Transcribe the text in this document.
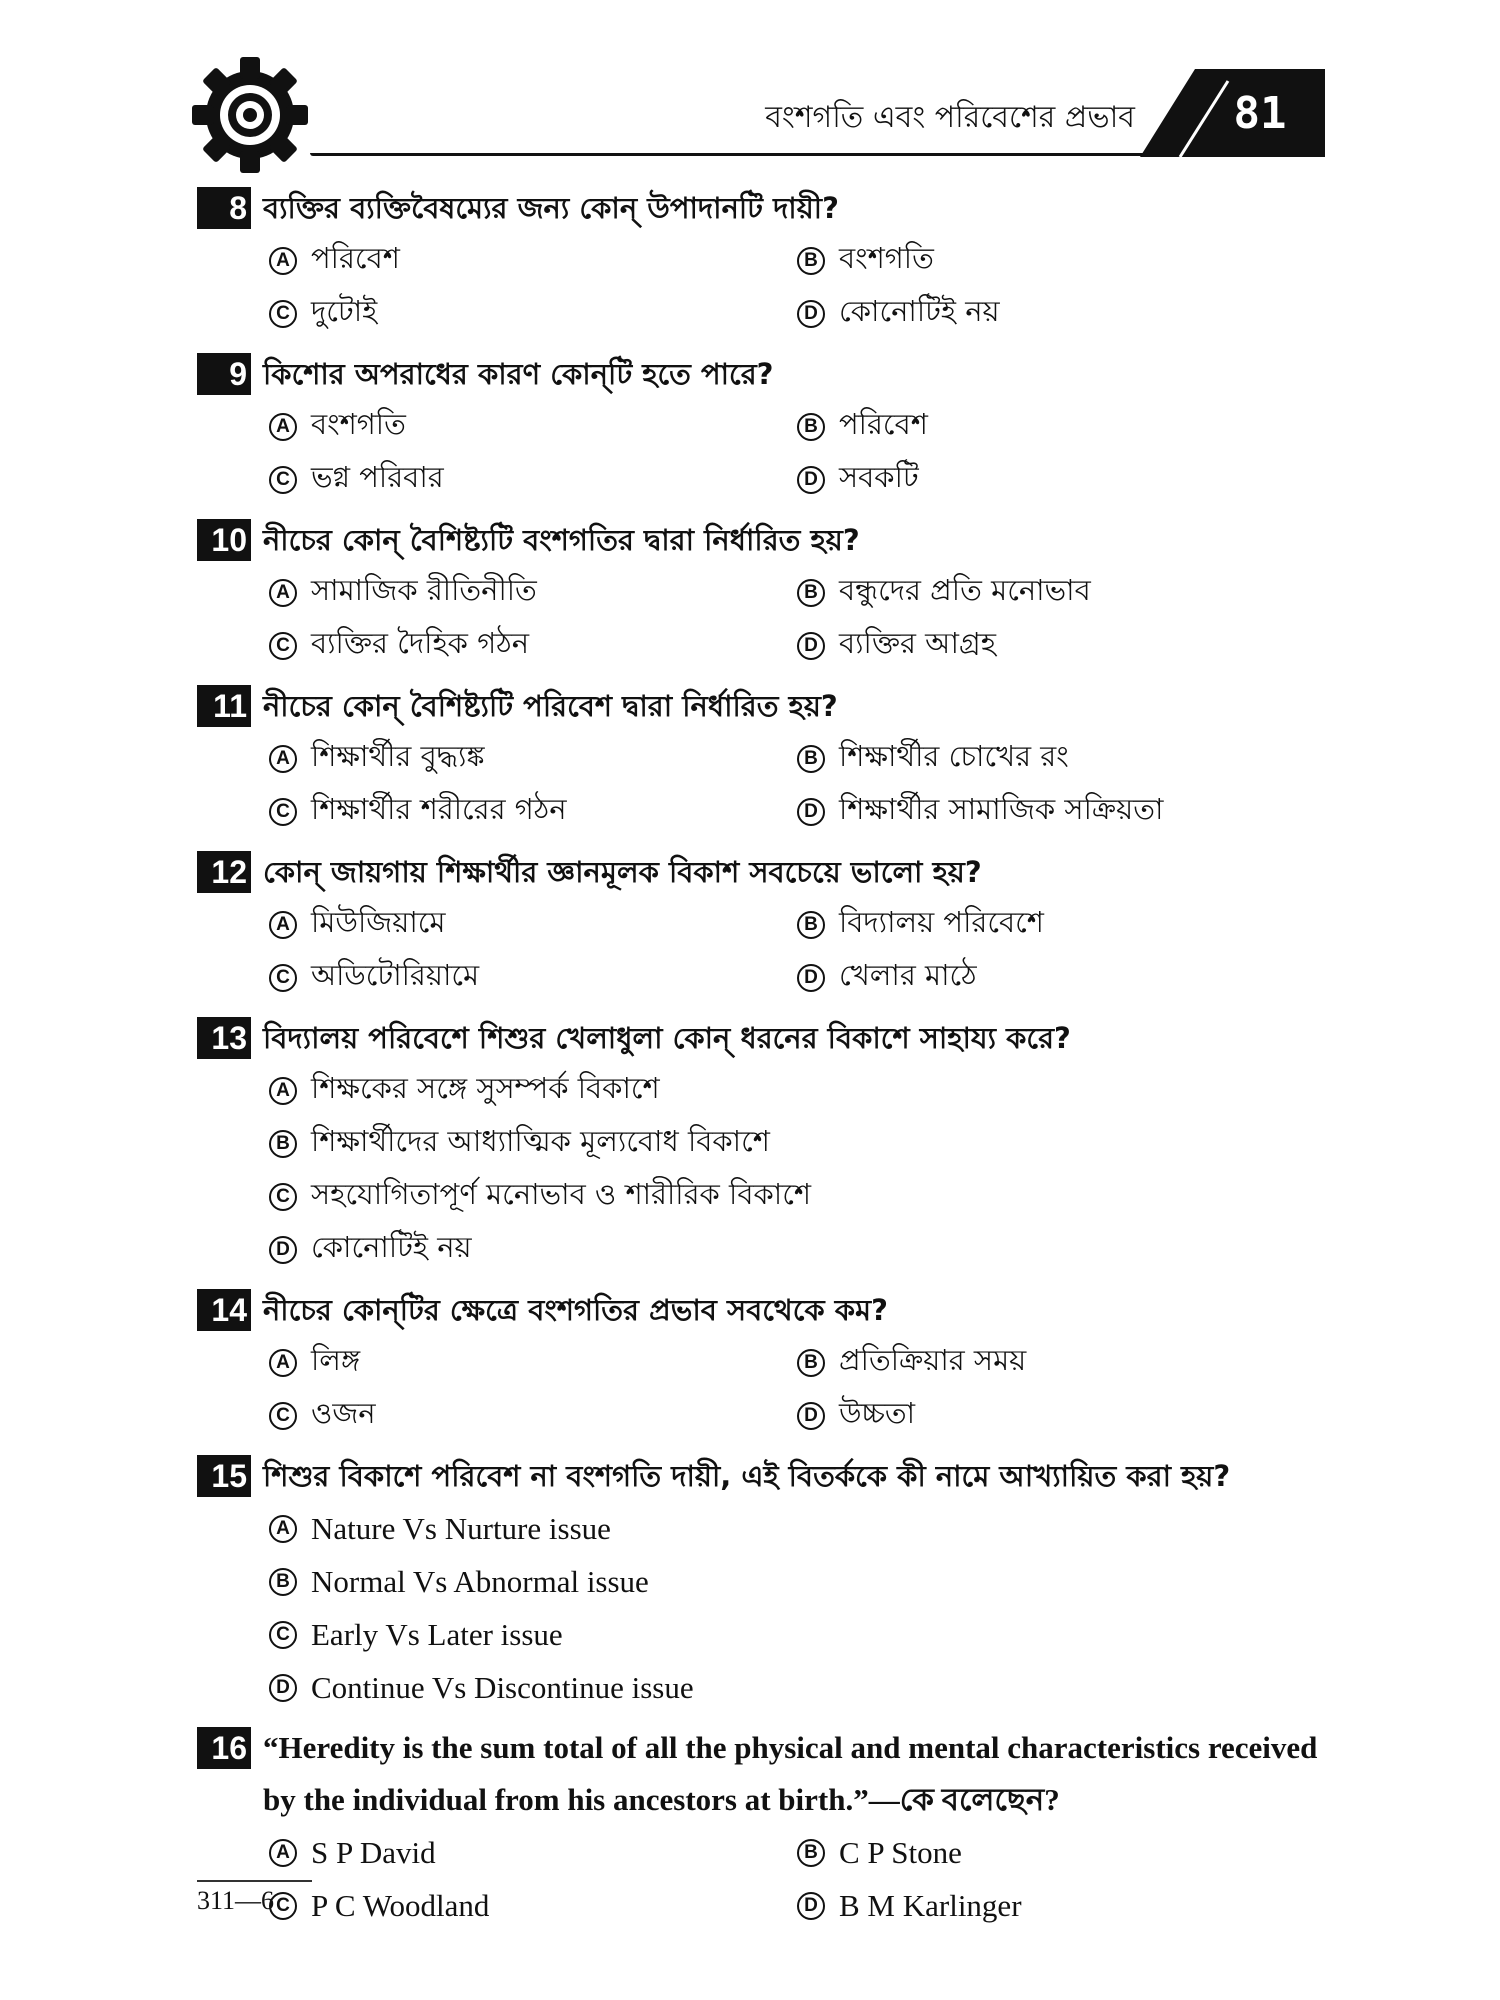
বংশগতি এবং পরিবেশের প্রভাব	81
8 ব্যক্তির ব্যক্তিবৈষম্যের জন্য কোন্‌ উপাদানটি দায়ী?
A পরিবেশ	B বংশগতি
C দুটোই	D কোনোটিই নয়
9 কিশোর অপরাধের কারণ কোন্‌টি হতে পারে?
A বংশগতি	B পরিবেশ
C ভগ্ন পরিবার	D সবকটি
10 নীচের কোন্‌ বৈশিষ্ট্যটি বংশগতির দ্বারা নির্ধারিত হয়?
A সামাজিক রীতিনীতি	B বন্ধুদের প্রতি মনোভাব
C ব্যক্তির দৈহিক গঠন	D ব্যক্তির আগ্রহ
11 নীচের কোন্‌ বৈশিষ্ট্যটি পরিবেশ দ্বারা নির্ধারিত হয়?
A শিক্ষার্থীর বুদ্ধ্যঙ্ক	B শিক্ষার্থীর চোখের রং
C শিক্ষার্থীর শরীরের গঠন	D শিক্ষার্থীর সামাজিক সক্রিয়তা
12 কোন্‌ জায়গায় শিক্ষার্থীর জ্ঞানমূলক বিকাশ সবচেয়ে ভালো হয়?
A মিউজিয়ামে	B বিদ্যালয় পরিবেশে
C অডিটোরিয়ামে	D খেলার মাঠে
13 বিদ্যালয় পরিবেশে শিশুর খেলাধুলা কোন্‌ ধরনের বিকাশে সাহায্য করে?
A শিক্ষকের সঙ্গে সুসম্পর্ক বিকাশে
B শিক্ষার্থীদের আধ্যাত্মিক মূল্যবোধ বিকাশে
C সহযোগিতাপূর্ণ মনোভাব ও শারীরিক বিকাশে
D কোনোটিই নয়
14 নীচের কোন্‌টির ক্ষেত্রে বংশগতির প্রভাব সবথেকে কম?
A লিঙ্গ	B প্রতিক্রিয়ার সময়
C ওজন	D উচ্চতা
15 শিশুর বিকাশে পরিবেশ না বংশগতি দায়ী, এই বিতর্ককে কী নামে আখ্যায়িত করা হয়?
A Nature Vs Nurture issue
B Normal Vs Abnormal issue
C Early Vs Later issue
D Continue Vs Discontinue issue
16 “Heredity is the sum total of all the physical and mental characteristics received by the individual from his ancestors at birth.”—কে বলেছেন?
A S P David	B C P Stone
C P C Woodland	D B M Karlinger
311—6
